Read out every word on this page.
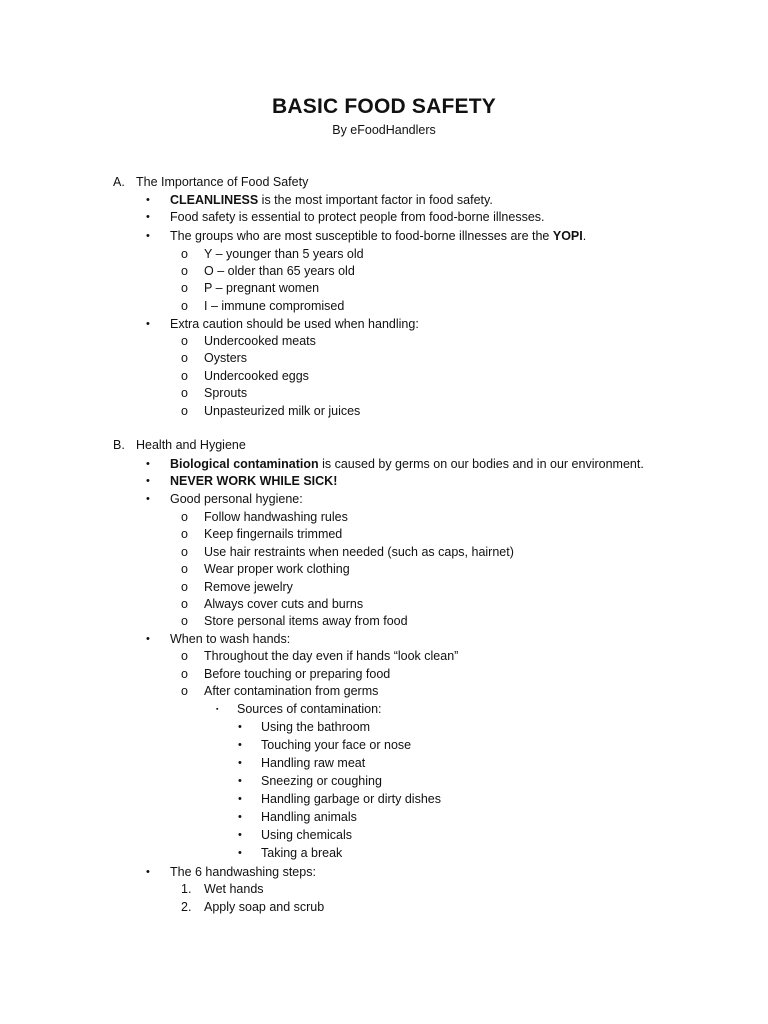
BASIC FOOD SAFETY
By eFoodHandlers
A. The Importance of Food Safety
• CLEANLINESS is the most important factor in food safety.
• Food safety is essential to protect people from food-borne illnesses.
• The groups who are most susceptible to food-borne illnesses are the YOPI.
o Y – younger than 5 years old
o O – older than 65 years old
o P – pregnant women
o I – immune compromised
• Extra caution should be used when handling:
o Undercooked meats
o Oysters
o Undercooked eggs
o Sprouts
o Unpasteurized milk or juices
B. Health and Hygiene
• Biological contamination is caused by germs on our bodies and in our environment.
• NEVER WORK WHILE SICK!
• Good personal hygiene:
o Follow handwashing rules
o Keep fingernails trimmed
o Use hair restraints when needed (such as caps, hairnet)
o Wear proper work clothing
o Remove jewelry
o Always cover cuts and burns
o Store personal items away from food
• When to wash hands:
o Throughout the day even if hands “look clean”
o Before touching or preparing food
o After contamination from germs
▪ Sources of contamination:
• Using the bathroom
• Touching your face or nose
• Handling raw meat
• Sneezing or coughing
• Handling garbage or dirty dishes
• Handling animals
• Using chemicals
• Taking a break
• The 6 handwashing steps:
1. Wet hands
2. Apply soap and scrub
